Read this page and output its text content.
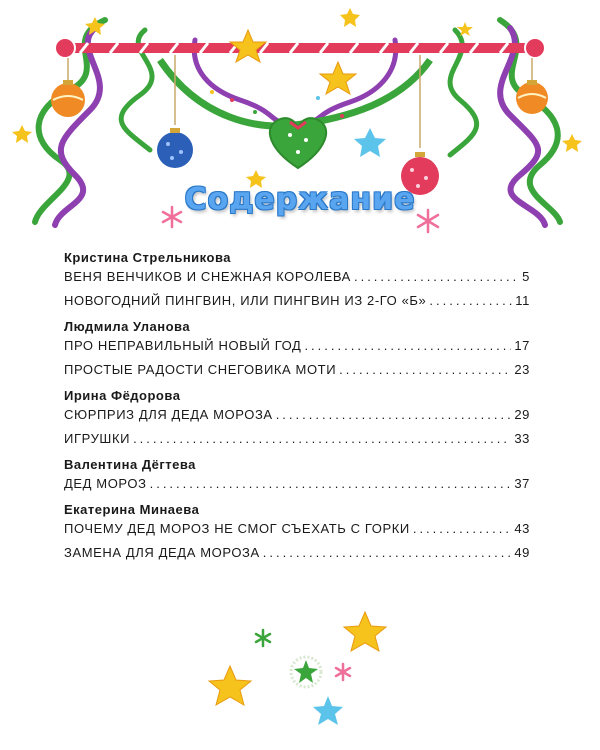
Содержание
Кристина Стрельникова
ВЕНЯ ВЕНЧИКОВ И СНЕЖНАЯ КОРОЛЕВА .....	5
НОВОГОДНИЙ ПИНГВИН, ИЛИ ПИНГВИН ИЗ 2-ГО «Б» .....	11
Людмила Уланова
ПРО НЕПРАВИЛЬНЫЙ НОВЫЙ ГОД .....	17
ПРОСТЫЕ РАДОСТИ СНЕГОВИКА МОТИ .....	23
Ирина Фёдорова
СЮРПРИЗ ДЛЯ ДЕДА МОРОЗА .....	29
ИГРУШКИ .....	33
Валентина Дёгтева
ДЕД МОРОЗ .....	37
Екатерина Минаева
ПОЧЕМУ ДЕД МОРОЗ НЕ СМОГ СЪЕХАТЬ С ГОРКИ .....	43
ЗАМЕНА ДЛЯ ДЕДА МОРОЗА .....	49
